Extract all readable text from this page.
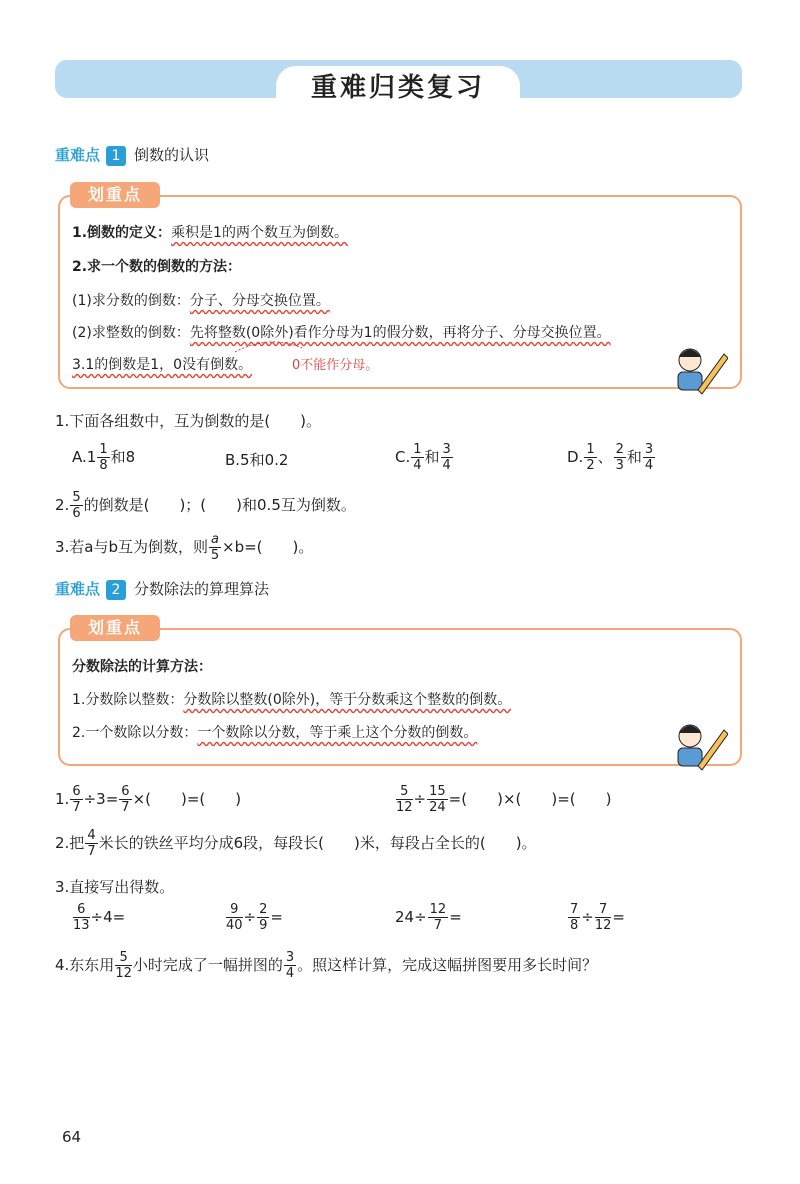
重难归类复习
重难点 1 倒数的认识
划重点
1.倒数的定义：乘积是1的两个数互为倒数。
2.求一个数的倒数的方法：
(1)求分数的倒数：分子、分母交换位置。
(2)求整数的倒数：先将整数(0除外)看作分母为1的假分数，再将分子、分母交换位置。
3.1的倒数是1，0没有倒数。	0不能作分母。
1.下面各组数中，互为倒数的是(　　)。
$A.1 \frac{1}{8}$ 和8	B.5和0.2	C. $\frac{1}{4}$ 和 $\frac{3}{4}$	D. $\frac{1}{2}$ 、 $\frac{2}{3}$ 和 $\frac{3}{4}$
2. $\frac{5}{6}$ 的倒数是(　　)；(　　)和0.5互为倒数。
3.若a与b互为倒数，则 $\frac{a}{5} \times b=$(　　)。
重难点 2 分数除法的算理算法
划重点
分数除法的计算方法：
1.分数除以整数：分数除以整数(0除外)，等于分数乘这个整数的倒数。
2.一个数除以分数：一个数除以分数，等于乘上这个分数的倒数。
1. $\frac{6}{7} \div 3= \frac{6}{7}$ ×(　　)=(　　)	$\frac{5}{12} \div \frac{15}{24}$ =(　　)×(　　)=(　　)
2.把 $\frac{4}{7}$ 米长的铁丝平均分成6段，每段长(　　)米，每段占全长的(　　)。
3.直接写出得数。
$\frac{6}{13} \div 4=$	$\frac{9}{40} \div \frac{2}{9}$ =	$24\div \frac{12}{7}$ =	$\frac{7}{8} \div \frac{7}{12}$ =
4.东东用 $\frac{5}{12}$ 小时完成了一幅拼图的 $\frac{3}{4}$ 。照这样计算，完成这幅拼图要用多长时间？
64
